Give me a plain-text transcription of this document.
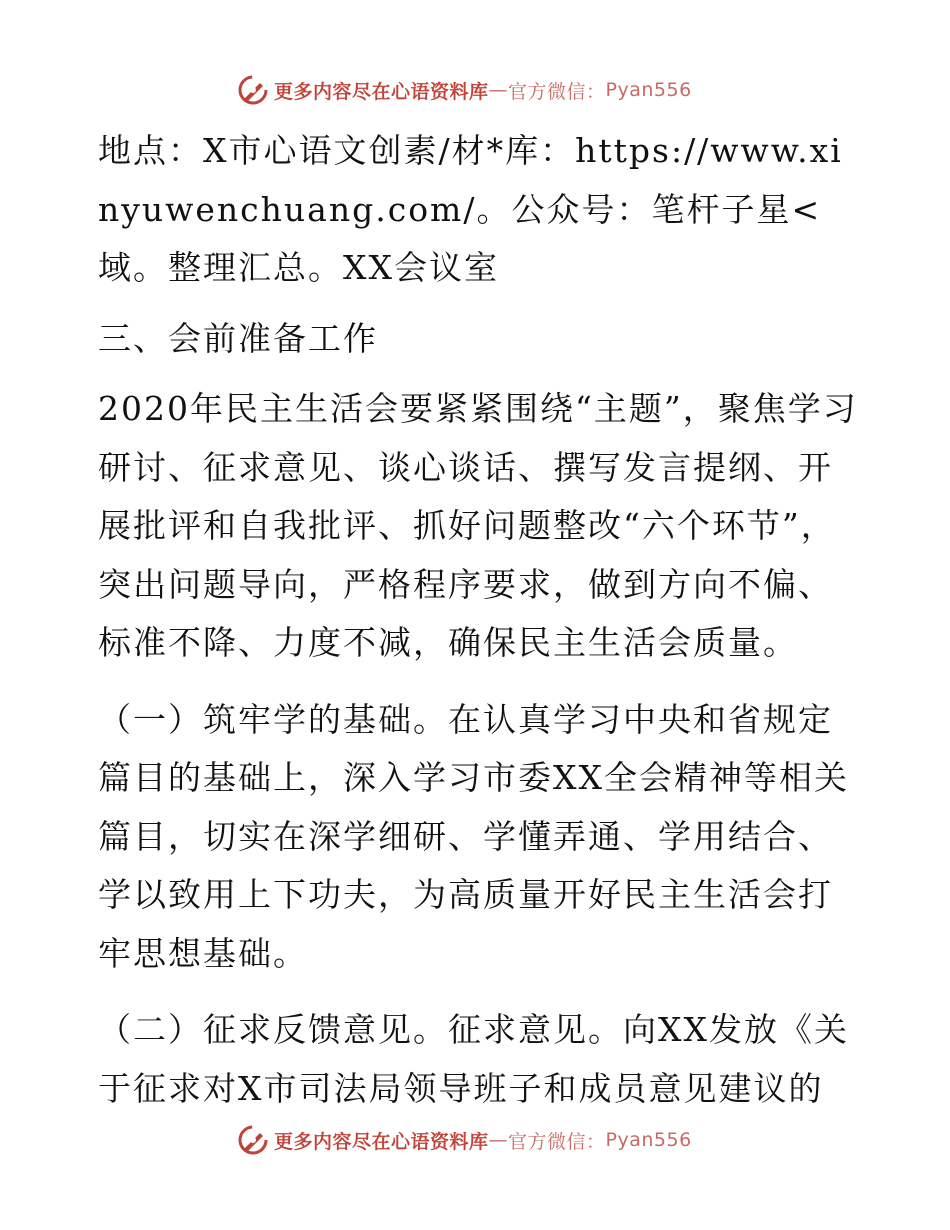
更多内容尽在心语资料库 — 官方微信： Pyan556

地点：X市心语文创素/材*库：https://www.xinyuwenchuang.com/。公众号：笔杆子星<域。整理汇总。XX会议室

三、会前准备工作

2020年民主生活会要紧紧围绕“主题”，聚焦学习研讨、征求意见、谈心谈话、撰写发言提纲、开展批评和自我批评、抓好问题整改“六个环节”，突出问题导向，严格程序要求，做到方向不偏、标准不降、力度不减，确保民主生活会质量。

（一）筑牢学的基础。在认真学习中央和省规定篇目的基础上，深入学习市委XX全会精神等相关篇目，切实在深学细研、学懂弄通、学用结合、学以致用上下功夫，为高质量开好民主生活会打牢思想基础。

（二）征求反馈意见。征求意见。向XX发放《关于征求对X市司法局领导班子和成员意见建议的

更多内容尽在心语资料库 — 官方微信： Pyan556
